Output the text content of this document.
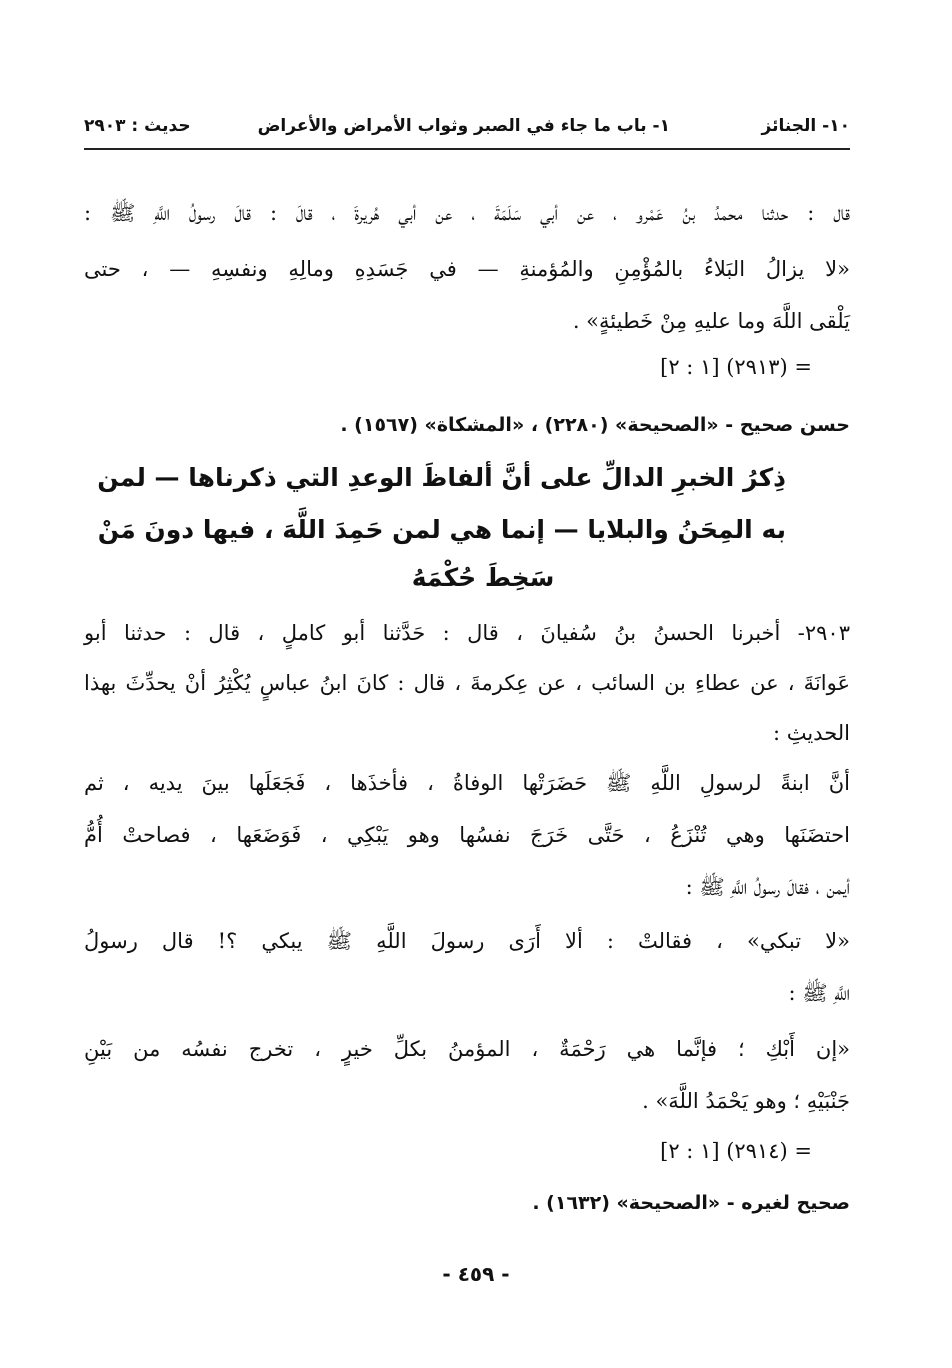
١٠- الجنائز
١- باب ما جاء في الصبر وثواب الأمراض والأعراض
حديث : ٢٩٠٣
قال : حدثنا محمدُ بنُ عَمْرو ، عن أبي سَلَمَةَ ، عن أبي هُريرةَ ، قالَ : قالَ رسولُ اللَّهِ ﷺ :
«لا يزالُ البَلاءُ بالمُؤْمِنِ والمُؤمنةِ — في جَسَدِهِ ومالِهِ ونفسِهِ — ، حتى
يَلْقى اللَّهَ وما عليهِ مِنْ خَطيئةٍ» .
= (٢٩١٣) [١ : ٢]
حسن صحيح - «الصحيحة» (٢٢٨٠) ، «المشكاة» (١٥٦٧) .
ذِكرُ الخبرِ الدالِّ على أنَّ ألفاظَ الوعدِ التي ذكرناها — لمن
به المِحَنُ والبلايا — إنما هي لمن حَمِدَ اللَّهَ ، فيها دونَ مَنْ
سَخِطَ حُكْمَهُ
٢٩٠٣- أخبرنا الحسنُ بنُ سُفيانَ ، قال : حَدَّثنا أبو كاملٍ ، قال : حدثنا أبو
عَوانَةَ ، عن عطاءِ بن السائب ، عن عِكرمةَ ، قال : كانَ ابنُ عباسٍ يُكْثِرُ أنْ يحدِّثَ بهذا
الحديثِ :
أنَّ ابنةً لرسولِ اللَّهِ ﷺ حَضَرَتْها الوفاةُ ، فأخذَها ، فَجَعَلَها بينَ يديه ، ثم
احتضَنَها وهي تُنْزَعُ ، حَتَّى خَرَجَ نفسُها وهو يَبْكِي ، فَوَضَعَها ، فصاحتْ أُمُّ
أيمن ، فقالَ رسولُ اللَّهِ ﷺ :
«لا تبكي» ، فقالتْ : ألا أَرَى رسولَ اللَّهِ ﷺ يبكي ؟! قال رسولُ
اللَّهِ ﷺ :
«إن أَبْكِ ؛ فإنَّما هي رَحْمَةٌ ، المؤمنُ بكلِّ خيرٍ ، تخرج نفسُه من بَيْنِ
جَنْبَيْهِ ؛ وهو يَحْمَدُ اللَّهَ» .
= (٢٩١٤) [١ : ٢]
صحيح لغيره - «الصحيحة» (١٦٣٢) .
- ٤٥٩ -
